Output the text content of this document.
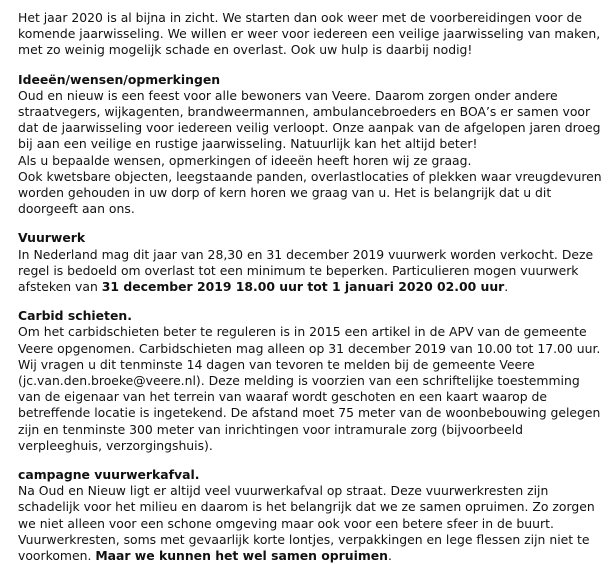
Het jaar 2020 is al bijna in zicht. We starten dan ook weer met de voorbereidingen voor de komende jaarwisseling. We willen er weer voor iedereen een veilige jaarwisseling van maken, met zo weinig mogelijk schade en overlast. Ook uw hulp is daarbij nodig!

Ideeën/wensen/opmerkingen

Oud en nieuw is een feest voor alle bewoners van Veere. Daarom zorgen onder andere straatvegers, wijkagenten, brandweermannen, ambulancebroeders en BOA’s er samen voor dat de jaarwisseling voor iedereen veilig verloopt. Onze aanpak van de afgelopen jaren droeg bij aan een veilige en rustige jaarwisseling. Natuurlijk kan het altijd beter!

Als u bepaalde wensen, opmerkingen of ideeën heeft horen wij ze graag.

Ook kwetsbare objecten, leegstaande panden, overlastlocaties of plekken waar vreugdevuren worden gehouden in uw dorp of kern horen we graag van u. Het is belangrijk dat u dit doorgeeft aan ons.

Vuurwerk

In Nederland mag dit jaar van 28,30 en 31 december 2019 vuurwerk worden verkocht. Deze regel is bedoeld om overlast tot een minimum te beperken. Particulieren mogen vuurwerk afsteken van 31 december 2019 18.00 uur tot 1 januari 2020 02.00 uur.

Carbid schieten.

Om het carbidschieten beter te reguleren is in 2015 een artikel in de APV van de gemeente Veere opgenomen. Carbidschieten mag alleen op 31 december 2019 van 10.00 tot 17.00 uur. Wij vragen u dit tenminste 14 dagen van tevoren te melden bij de gemeente Veere (jc.van.den.broeke@veere.nl). Deze melding is voorzien van een schriftelijke toestemming van de eigenaar van het terrein van waaraf wordt geschoten en een kaart waarop de betreffende locatie is ingetekend. De afstand moet 75 meter van de woonbebouwing gelegen zijn en tenminste 300 meter van inrichtingen voor intramurale zorg (bijvoorbeeld verpleeghuis, verzorgingshuis).

campagne vuurwerkafval.

Na Oud en Nieuw ligt er altijd veel vuurwerkafval op straat. Deze vuurwerkresten zijn schadelijk voor het milieu en daarom is het belangrijk dat we ze samen opruimen. Zo zorgen we niet alleen voor een schone omgeving maar ook voor een betere sfeer in de buurt. Vuurwerkresten, soms met gevaarlijk korte lontjes, verpakkingen en lege flessen zijn niet te voorkomen. Maar we kunnen het wel samen opruimen.
